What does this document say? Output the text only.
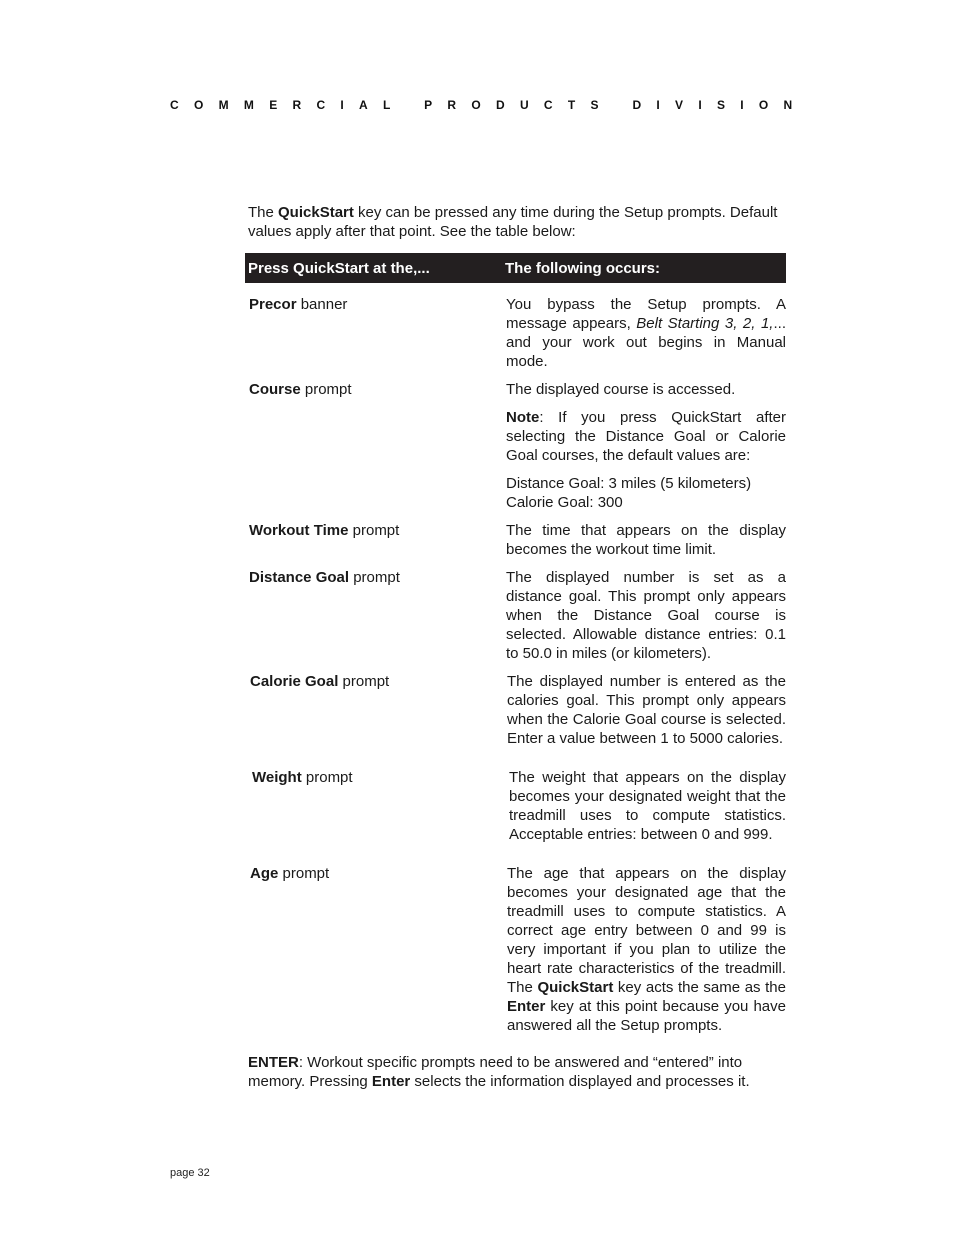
COMMERCIAL PRODUCTS DIVISION

The QuickStart key can be pressed any time during the Setup prompts. Default values apply after that point. See the table below:

Press QuickStart at the,...	The following occurs:
Precor banner	You bypass the Setup prompts. A message appears, Belt Starting 3, 2, 1,... and your work out begins in Manual mode.

Course prompt	The displayed course is accessed.

Note: If you press QuickStart after selecting the Distance Goal or Calorie Goal courses, the default values are:

Distance Goal: 3 miles (5 kilometers)
Calorie Goal: 300

Workout Time prompt	The time that appears on the display becomes the workout time limit.

Distance Goal prompt	The displayed number is set as a distance goal. This prompt only appears when the Distance Goal course is selected. Allowable distance entries: 0.1 to 50.0 in miles (or kilometers).

Calorie Goal prompt	The displayed number is entered as the calories goal. This prompt only appears when the Calorie Goal course is selected. Enter a value between 1 to 5000 calories.

Weight prompt	The weight that appears on the display becomes your designated weight that the treadmill uses to compute statistics. Acceptable entries: between 0 and 999.

Age prompt	The age that appears on the display becomes your designated age that the treadmill uses to compute statistics. A correct age entry between 0 and 99 is very important if you plan to utilize the heart rate characteristics of the treadmill. The QuickStart key acts the same as the Enter key at this point because you have answered all the Setup prompts.

ENTER: Workout specific prompts need to be answered and “entered” into memory. Pressing Enter selects the information displayed and processes it.

page 32
